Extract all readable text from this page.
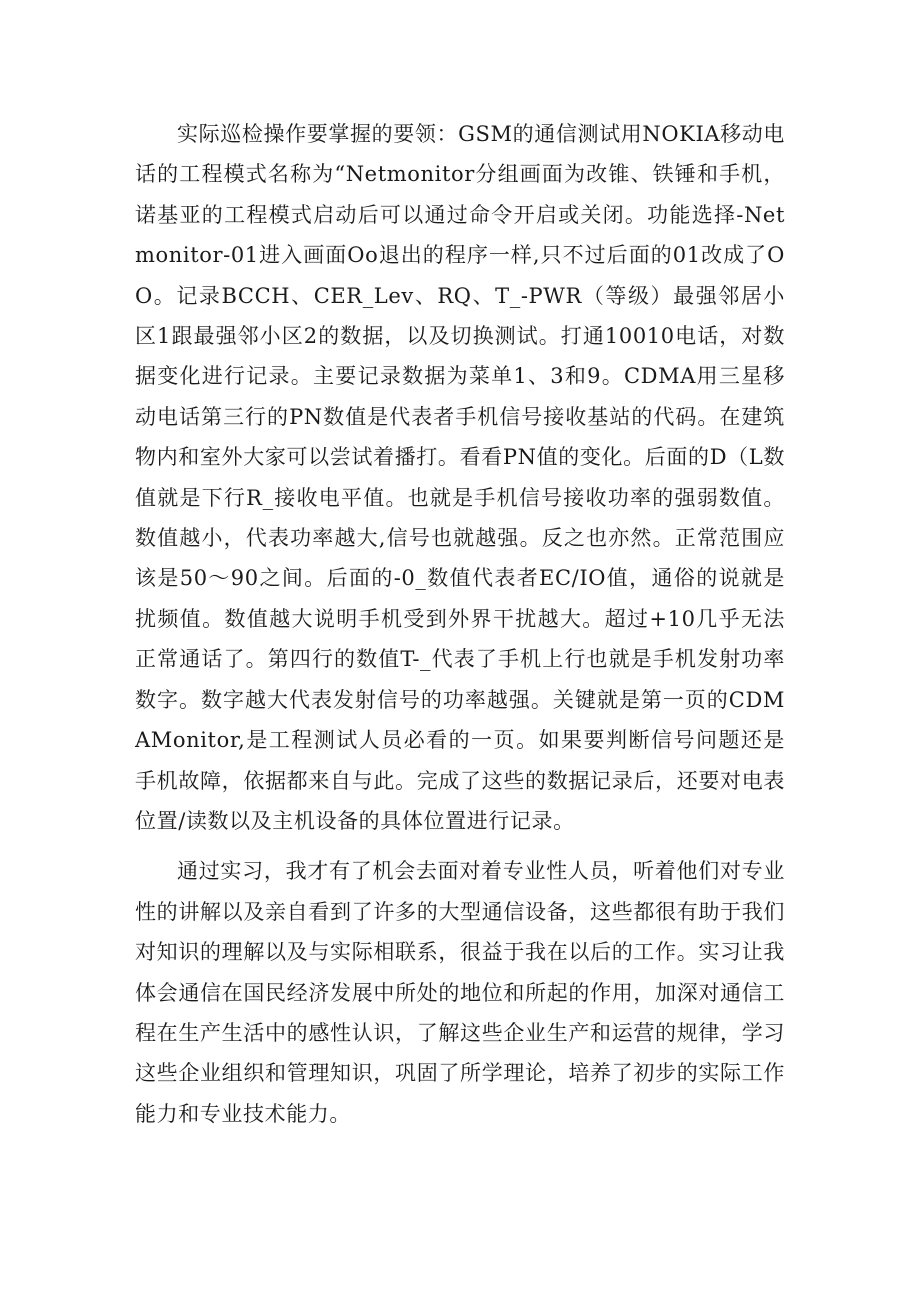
实际巡检操作要掌握的要领：GSM的通信测试用NOKIA移动电话的工程模式名称为“Netmonitor分组画面为改锥、铁锤和手机，诺基亚的工程模式启动后可以通过命令开启或关闭。功能选择-Netmonitor-01进入画面Oo退出的程序一样,只不过后面的01改成了OO。记录BCCH、CER_Lev、RQ、T_-PWR（等级）最强邻居小区1跟最强邻小区2的数据，以及切换测试。打通10010电话，对数据变化进行记录。主要记录数据为菜单1、3和9。CDMA用三星移动电话第三行的PN数值是代表者手机信号接收基站的代码。在建筑物内和室外大家可以尝试着播打。看看PN值的变化。后面的D（L数值就是下行R_接收电平值。也就是手机信号接收功率的强弱数值。数值越小，代表功率越大,信号也就越强。反之也亦然。正常范围应该是50〜90之间。后面的-0_数值代表者EC/IO值，通俗的说就是扰频值。数值越大说明手机受到外界干扰越大。超过+10几乎无法正常通话了。第四行的数值T-_代表了手机上行也就是手机发射功率数字。数字越大代表发射信号的功率越强。关键就是第一页的CDMAMonitor,是工程测试人员必看的一页。如果要判断信号问题还是手机故障，依据都来自与此。完成了这些的数据记录后，还要对电表位置/读数以及主机设备的具体位置进行记录。

通过实习，我才有了机会去面对着专业性人员，听着他们对专业性的讲解以及亲自看到了许多的大型通信设备，这些都很有助于我们对知识的理解以及与实际相联系，很益于我在以后的工作。实习让我体会通信在国民经济发展中所处的地位和所起的作用，加深对通信工程在生产生活中的感性认识，了解这些企业生产和运营的规律，学习这些企业组织和管理知识，巩固了所学理论，培养了初步的实际工作能力和专业技术能力。
